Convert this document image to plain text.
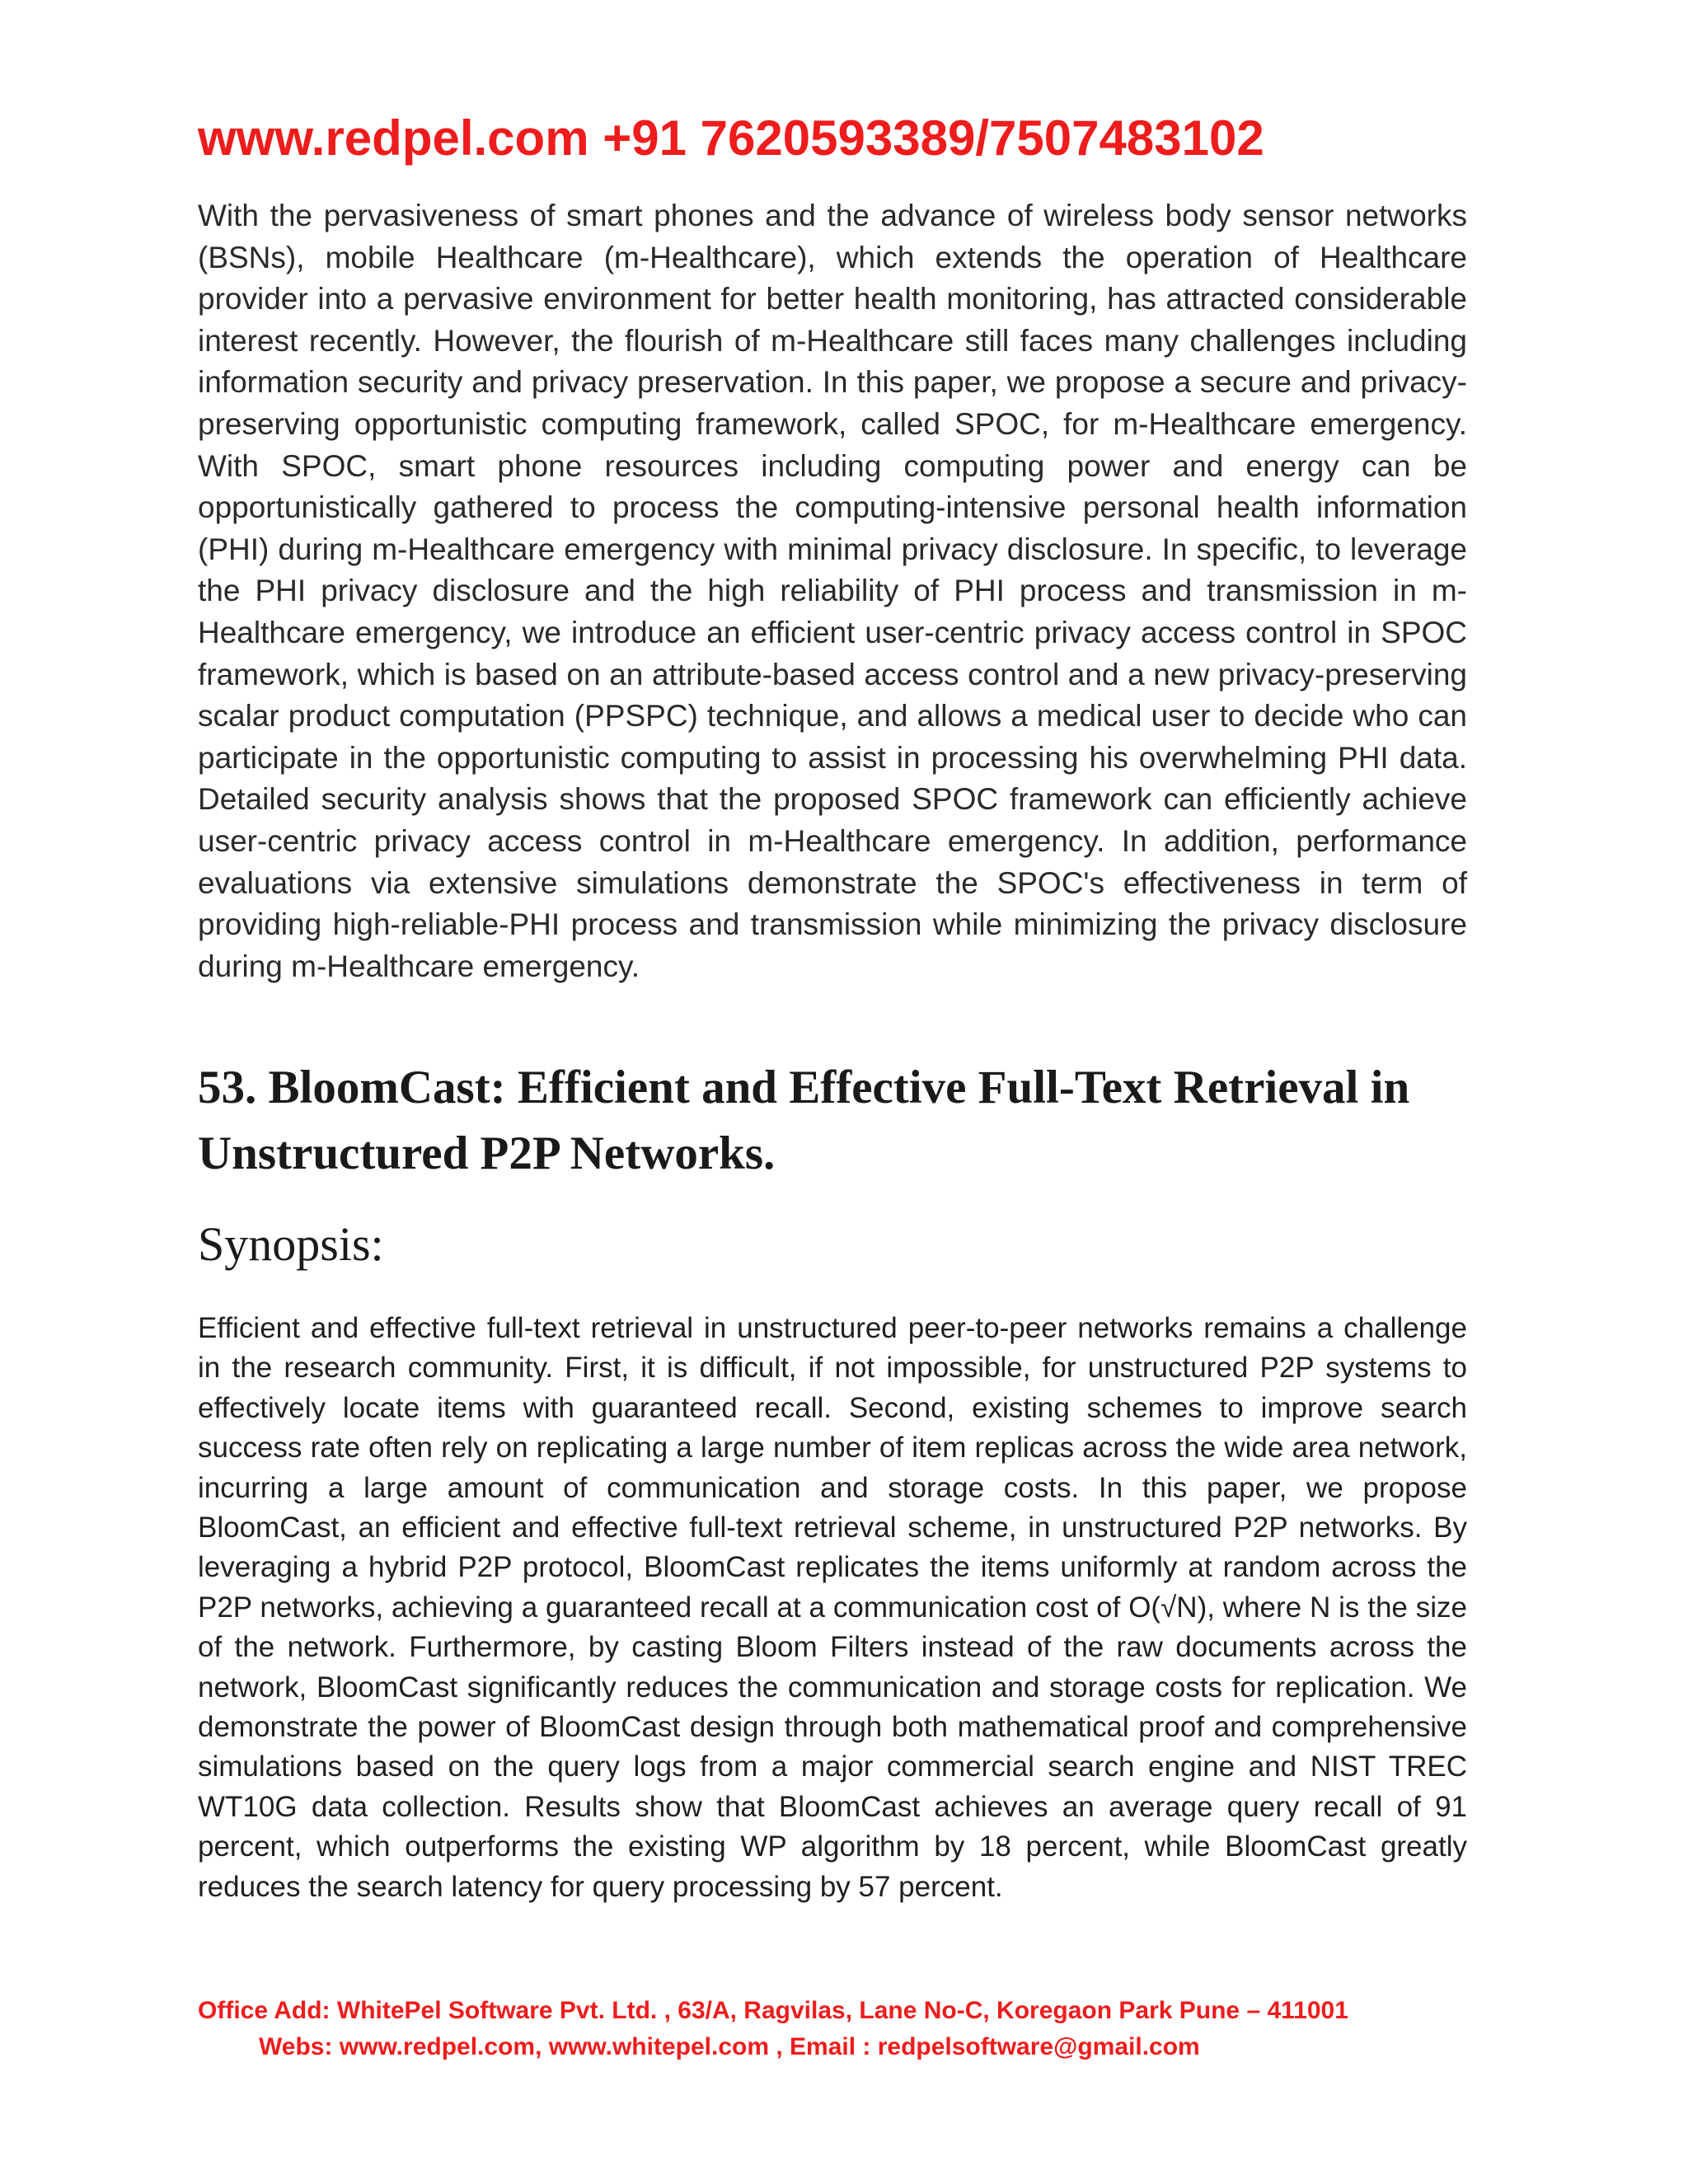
www.redpel.com +91 7620593389/7507483102

With the pervasiveness of smart phones and the advance of wireless body sensor networks (BSNs), mobile Healthcare (m-Healthcare), which extends the operation of Healthcare provider into a pervasive environment for better health monitoring, has attracted considerable interest recently. However, the flourish of m-Healthcare still faces many challenges including information security and privacy preservation. In this paper, we propose a secure and privacy-preserving opportunistic computing framework, called SPOC, for m-Healthcare emergency. With SPOC, smart phone resources including computing power and energy can be opportunistically gathered to process the computing-intensive personal health information (PHI) during m-Healthcare emergency with minimal privacy disclosure. In specific, to leverage the PHI privacy disclosure and the high reliability of PHI process and transmission in m-Healthcare emergency, we introduce an efficient user-centric privacy access control in SPOC framework, which is based on an attribute-based access control and a new privacy-preserving scalar product computation (PPSPC) technique, and allows a medical user to decide who can participate in the opportunistic computing to assist in processing his overwhelming PHI data. Detailed security analysis shows that the proposed SPOC framework can efficiently achieve user-centric privacy access control in m-Healthcare emergency. In addition, performance evaluations via extensive simulations demonstrate the SPOC's effectiveness in term of providing high-reliable-PHI process and transmission while minimizing the privacy disclosure during m-Healthcare emergency.

53. BloomCast: Efficient and Effective Full-Text Retrieval in Unstructured P2P Networks.
Synopsis:

Efficient and effective full-text retrieval in unstructured peer-to-peer networks remains a challenge in the research community. First, it is difficult, if not impossible, for unstructured P2P systems to effectively locate items with guaranteed recall. Second, existing schemes to improve search success rate often rely on replicating a large number of item replicas across the wide area network, incurring a large amount of communication and storage costs. In this paper, we propose BloomCast, an efficient and effective full-text retrieval scheme, in unstructured P2P networks. By leveraging a hybrid P2P protocol, BloomCast replicates the items uniformly at random across the P2P networks, achieving a guaranteed recall at a communication cost of O(√N), where N is the size of the network. Furthermore, by casting Bloom Filters instead of the raw documents across the network, BloomCast significantly reduces the communication and storage costs for replication. We demonstrate the power of BloomCast design through both mathematical proof and comprehensive simulations based on the query logs from a major commercial search engine and NIST TREC WT10G data collection. Results show that BloomCast achieves an average query recall of 91 percent, which outperforms the existing WP algorithm by 18 percent, while BloomCast greatly reduces the search latency for query processing by 57 percent.

Office Add: WhitePel Software Pvt. Ltd. , 63/A, Ragvilas, Lane No-C, Koregaon Park Pune – 411001
Webs: www.redpel.com, www.whitepel.com , Email : redpelsoftware@gmail.com
